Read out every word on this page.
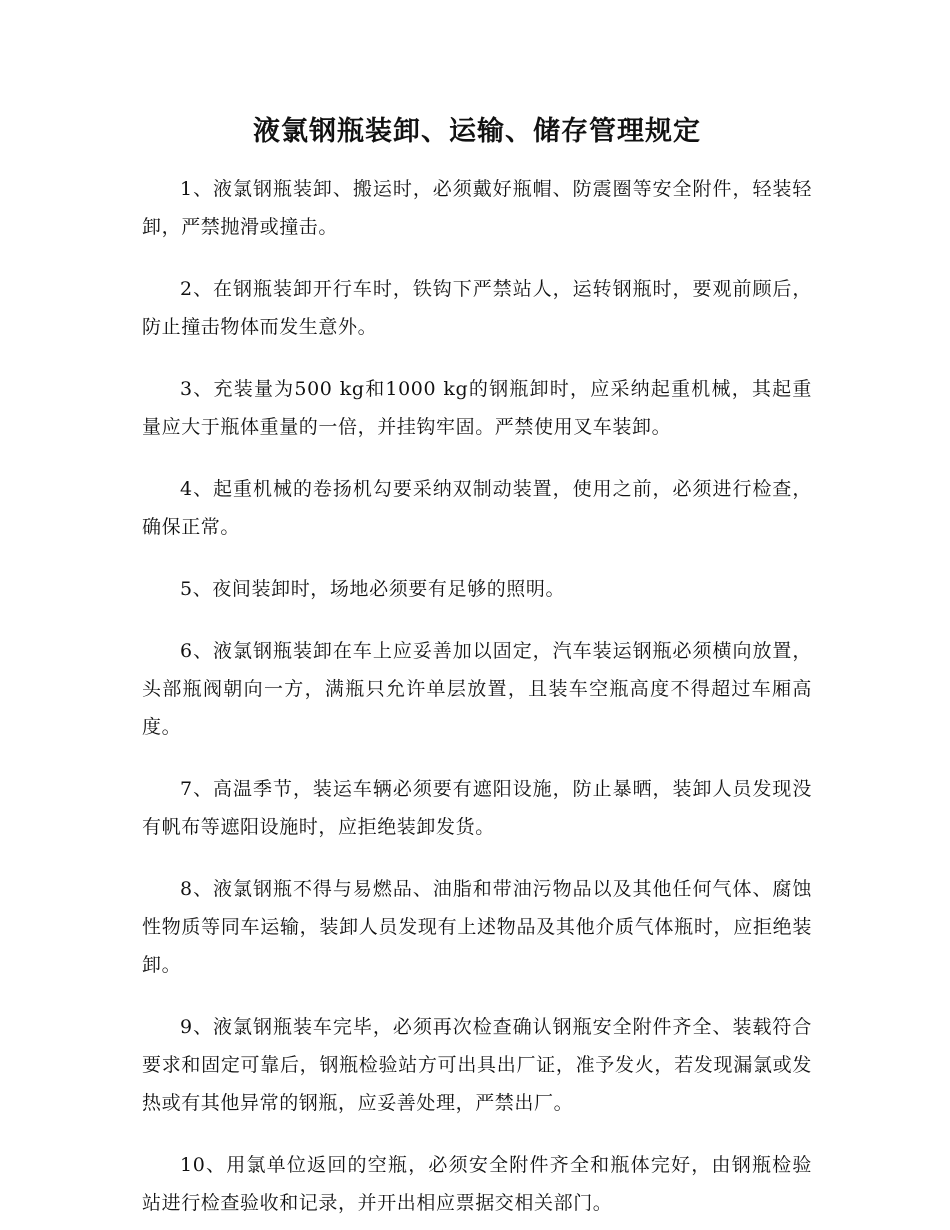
液氯钢瓶装卸、运输、储存管理规定

1、液氯钢瓶装卸、搬运时，必须戴好瓶帽、防震圈等安全附件，轻装轻卸，严禁抛滑或撞击。

2、在钢瓶装卸开行车时，铁钩下严禁站人，运转钢瓶时，要观前顾后，防止撞击物体而发生意外。

3、充装量为500 kg和1000 kg的钢瓶卸时，应采纳起重机械，其起重量应大于瓶体重量的一倍，并挂钩牢固。严禁使用叉车装卸。

4、起重机械的卷扬机勾要采纳双制动装置，使用之前，必须进行检查，确保正常。

5、夜间装卸时，场地必须要有足够的照明。

6、液氯钢瓶装卸在车上应妥善加以固定，汽车装运钢瓶必须横向放置，头部瓶阀朝向一方，满瓶只允许单层放置，且装车空瓶高度不得超过车厢高度。

7、高温季节，装运车辆必须要有遮阳设施，防止暴晒，装卸人员发现没有帆布等遮阳设施时，应拒绝装卸发货。

8、液氯钢瓶不得与易燃品、油脂和带油污物品以及其他任何气体、腐蚀性物质等同车运输，装卸人员发现有上述物品及其他介质气体瓶时，应拒绝装卸。

9、液氯钢瓶装车完毕，必须再次检查确认钢瓶安全附件齐全、装载符合要求和固定可靠后，钢瓶检验站方可出具出厂证，准予发火，若发现漏氯或发热或有其他异常的钢瓶，应妥善处理，严禁出厂。

10、用氯单位返回的空瓶，必须安全附件齐全和瓶体完好，由钢瓶检验站进行检查验收和记录，并开出相应票据交相关部门。
